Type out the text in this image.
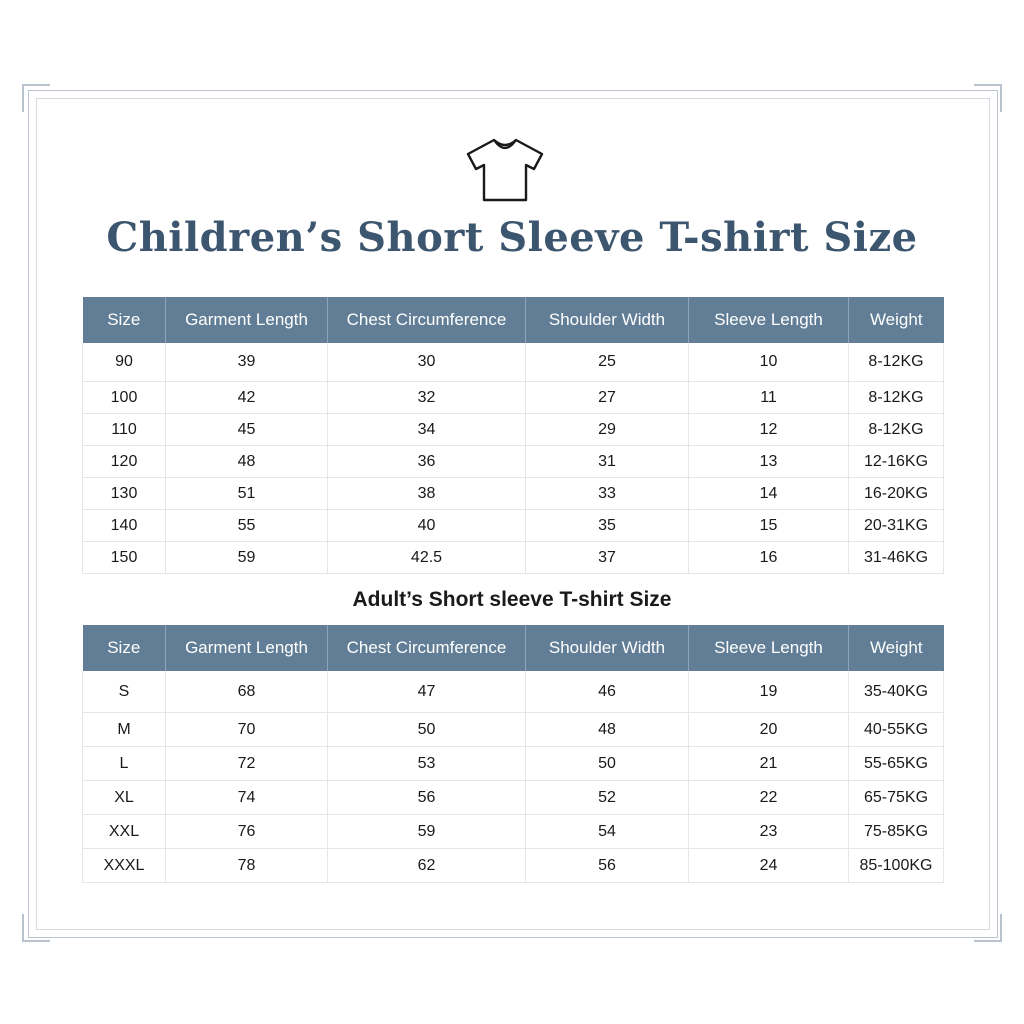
Children’s Short Sleeve T-shirt Size
Size	Garment Length	Chest Circumference	Shoulder Width	Sleeve Length	Weight
90	39	30	25	10	8-12KG
100	42	32	27	11	8-12KG
110	45	34	29	12	8-12KG
120	48	36	31	13	12-16KG
130	51	38	33	14	16-20KG
140	55	40	35	15	20-31KG
150	59	42.5	37	16	31-46KG
Adult’s Short sleeve T-shirt Size
Size	Garment Length	Chest Circumference	Shoulder Width	Sleeve Length	Weight
S	68	47	46	19	35-40KG
M	70	50	48	20	40-55KG
L	72	53	50	21	55-65KG
XL	74	56	52	22	65-75KG
XXL	76	59	54	23	75-85KG
XXXL	78	62	56	24	85-100KG
